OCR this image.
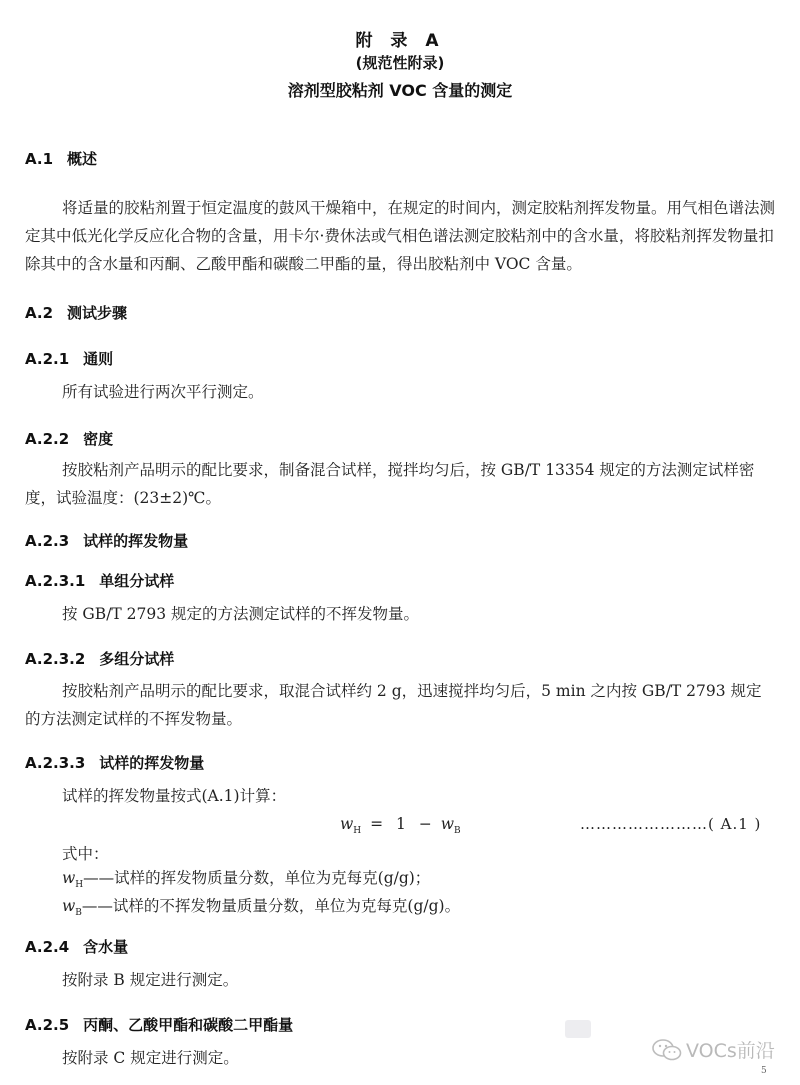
附 录 A
(规范性附录)
溶剂型胶粘剂 VOC 含量的测定
A.1 概述
将适量的胶粘剂置于恒定温度的鼓风干燥箱中，在规定的时间内，测定胶粘剂挥发物量。用气相色谱法测定其中低光化学反应化合物的含量，用卡尔·费休法或气相色谱法测定胶粘剂中的含水量，将胶粘剂挥发物量扣除其中的含水量和丙酮、乙酸甲酯和碳酸二甲酯的量，得出胶粘剂中 VOC 含量。
A.2 测试步骤
A.2.1 通则
所有试验进行两次平行测定。
A.2.2 密度
按胶粘剂产品明示的配比要求，制备混合试样，搅拌均匀后，按 GB/T 13354 规定的方法测定试样密度，试验温度：(23±2)℃。
A.2.3 试样的挥发物量
A.2.3.1 单组分试样
按 GB/T 2793 规定的方法测定试样的不挥发物量。
A.2.3.2 多组分试样
按胶粘剂产品明示的配比要求，取混合试样约 2 g，迅速搅拌均匀后，5 min 之内按 GB/T 2793 规定的方法测定试样的不挥发物量。
A.2.3.3 试样的挥发物量
试样的挥发物量按式(A.1)计算：
$w_H = 1 - w_B$	……………………( A.1 )
式中：
$w_H——$试样的挥发物质量分数，单位为克每克(g/g)；
$w_B——$试样的不挥发物量质量分数，单位为克每克(g/g)。
A.2.4 含水量
按附录 B 规定进行测定。
A.2.5 丙酮、乙酸甲酯和碳酸二甲酯量
按附录 C 规定进行测定。	VOCs前沿
5
